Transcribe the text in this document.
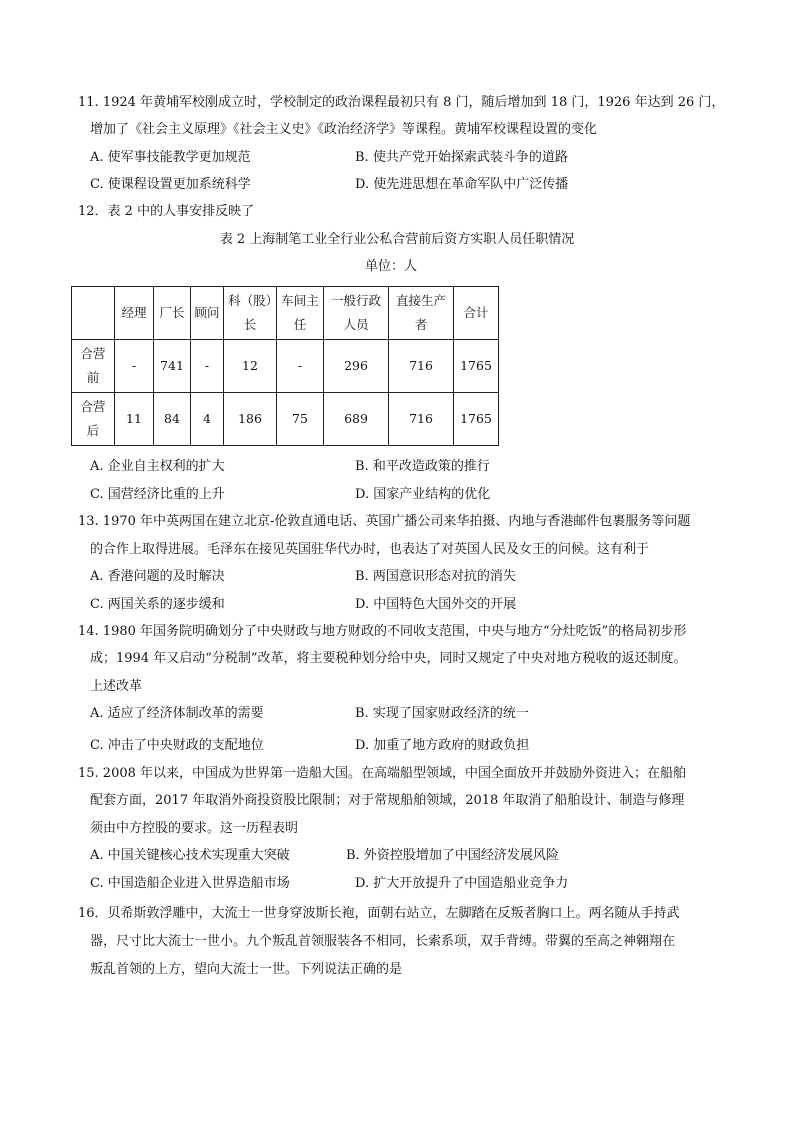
11. 1924 年黄埔军校刚成立时，学校制定的政治课程最初只有 8 门，随后增加到 18 门，1926 年达到 26 门，
增加了《社会主义原理》《社会主义史》《政治经济学》等课程。黄埔军校课程设置的变化
A. 使军事技能教学更加规范	B. 使共产党开始探索武装斗争的道路
C. 使课程设置更加系统科学	D. 使先进思想在革命军队中广泛传播
12．表 2 中的人事安排反映了
表 2 上海制笔工业全行业公私合营前后资方实职人员任职情况
单位：人
	经理	厂长	顾问	科（股）长	车间主任	一般行政人员	直接生产者	合计
合营前	-	741	-	12	-	296	716	1765
合营后	11	84	4	186	75	689	716	1765
A. 企业自主权利的扩大	B. 和平改造政策的推行
C. 国营经济比重的上升	D. 国家产业结构的优化
13. 1970 年中英两国在建立北京-伦敦直通电话、英国广播公司来华拍摄、内地与香港邮件包裹服务等问题
的合作上取得进展。毛泽东在接见英国驻华代办时，也表达了对英国人民及女王的问候。这有利于
A. 香港问题的及时解决	B. 两国意识形态对抗的消失
C. 两国关系的逐步缓和	D. 中国特色大国外交的开展
14. 1980 年国务院明确划分了中央财政与地方财政的不同收支范围，中央与地方“分灶吃饭”的格局初步形
成；1994 年又启动“分税制”改革，将主要税种划分给中央，同时又规定了中央对地方税收的返还制度。
上述改革
A. 适应了经济体制改革的需要	B. 实现了国家财政经济的统一
C. 冲击了中央财政的支配地位	D. 加重了地方政府的财政负担
15. 2008 年以来，中国成为世界第一造船大国。在高端船型领域，中国全面放开并鼓励外资进入；在船舶
配套方面，2017 年取消外商投资股比限制；对于常规船舶领域，2018 年取消了船舶设计、制造与修理
须由中方控股的要求。这一历程表明
A. 中国关键核心技术实现重大突破	B. 外资控股增加了中国经济发展风险
C. 中国造船企业进入世界造船市场	D. 扩大开放提升了中国造船业竞争力
16．贝希斯敦浮雕中，大流士一世身穿波斯长袍，面朝右站立，左脚踏在反叛者胸口上。两名随从手持武
器，尺寸比大流士一世小。九个叛乱首领服装各不相同，长索系项，双手背缚。带翼的至高之神翱翔在
叛乱首领的上方，望向大流士一世。下列说法正确的是
